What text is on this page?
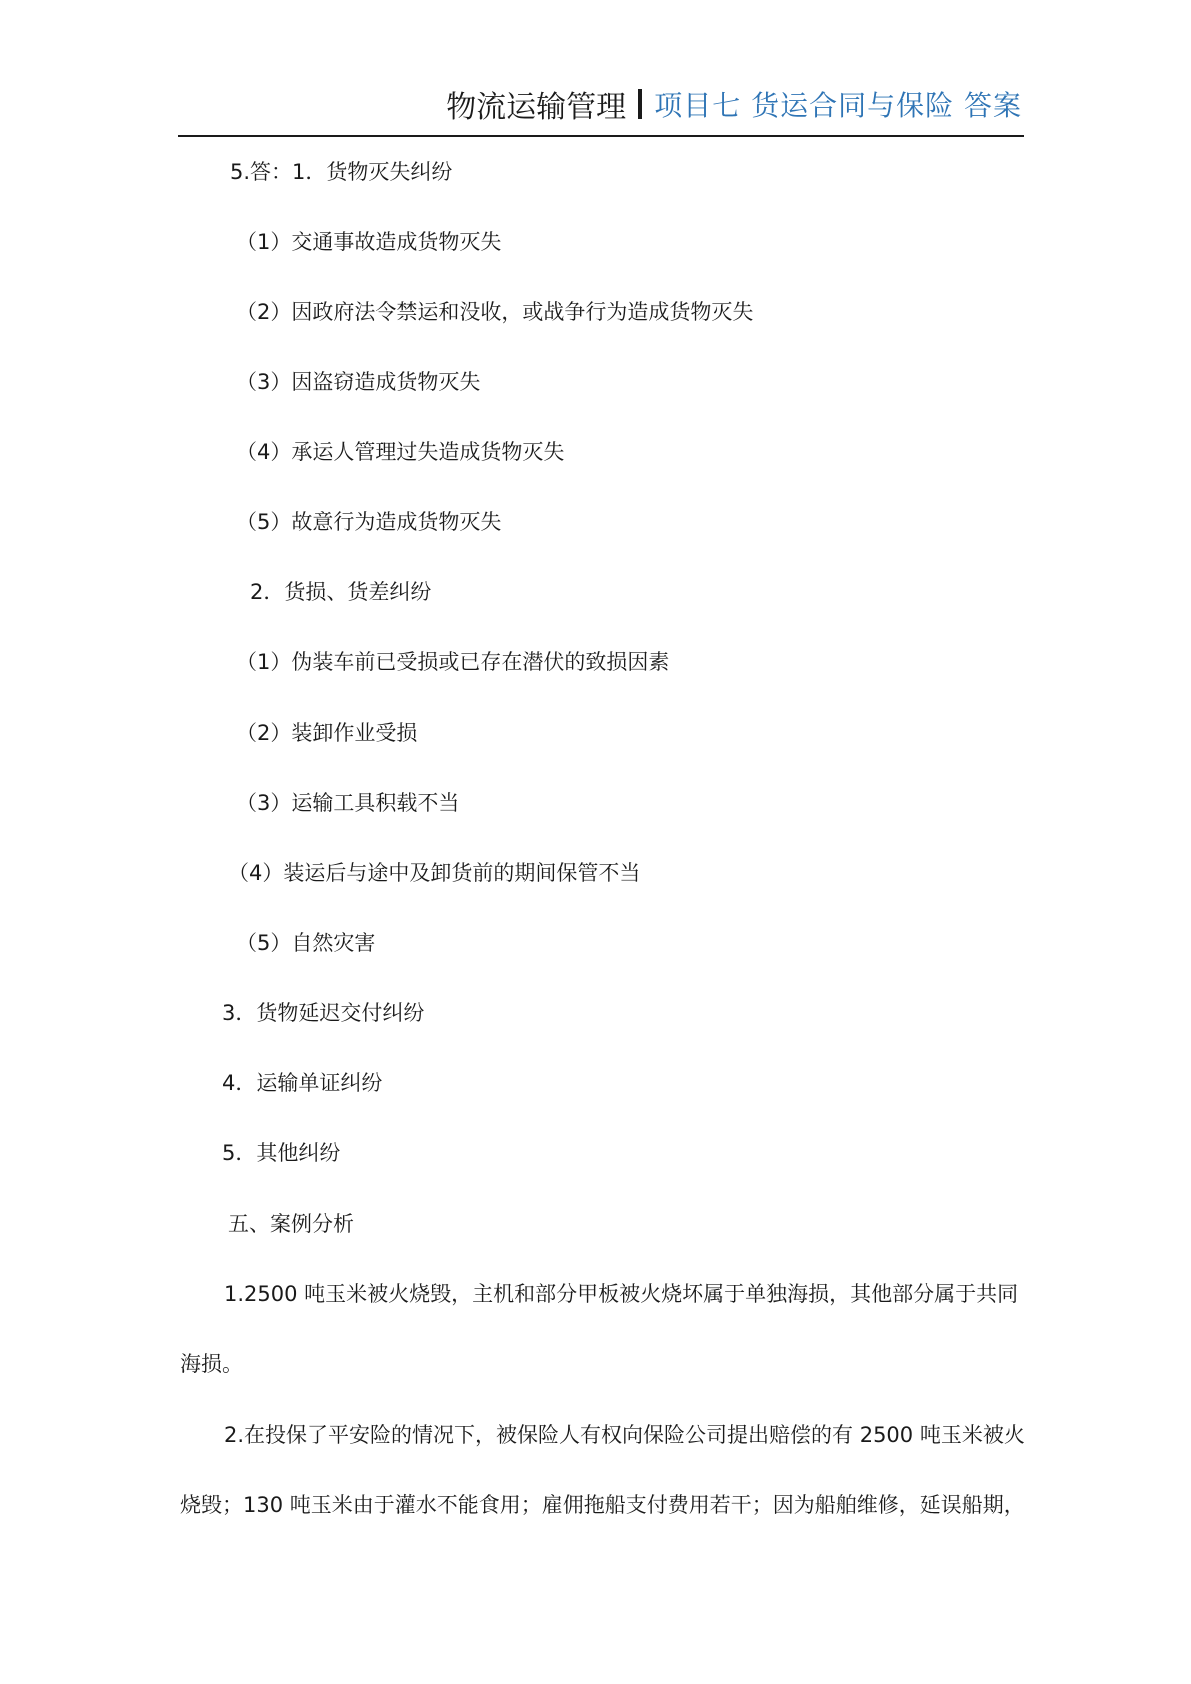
物流运输管理 项目七 货运合同与保险 答案
5.答：1．货物灭失纠纷
（1）交通事故造成货物灭失
（2）因政府法令禁运和没收，或战争行为造成货物灭失
（3）因盗窃造成货物灭失
（4）承运人管理过失造成货物灭失
（5）故意行为造成货物灭失
2．货损、货差纠纷
（1）伪装车前已受损或已存在潜伏的致损因素
（2）装卸作业受损
（3）运输工具积载不当
（4）装运后与途中及卸货前的期间保管不当
（5）自然灾害
3．货物延迟交付纠纷
4．运输单证纠纷
5．其他纠纷
五、案例分析
1.2500 吨玉米被火烧毁，主机和部分甲板被火烧坏属于单独海损，其他部分属于共同
海损。
2.在投保了平安险的情况下，被保险人有权向保险公司提出赔偿的有 2500 吨玉米被火
烧毁；130 吨玉米由于灌水不能食用；雇佣拖船支付费用若干；因为船舶维修，延误船期，
